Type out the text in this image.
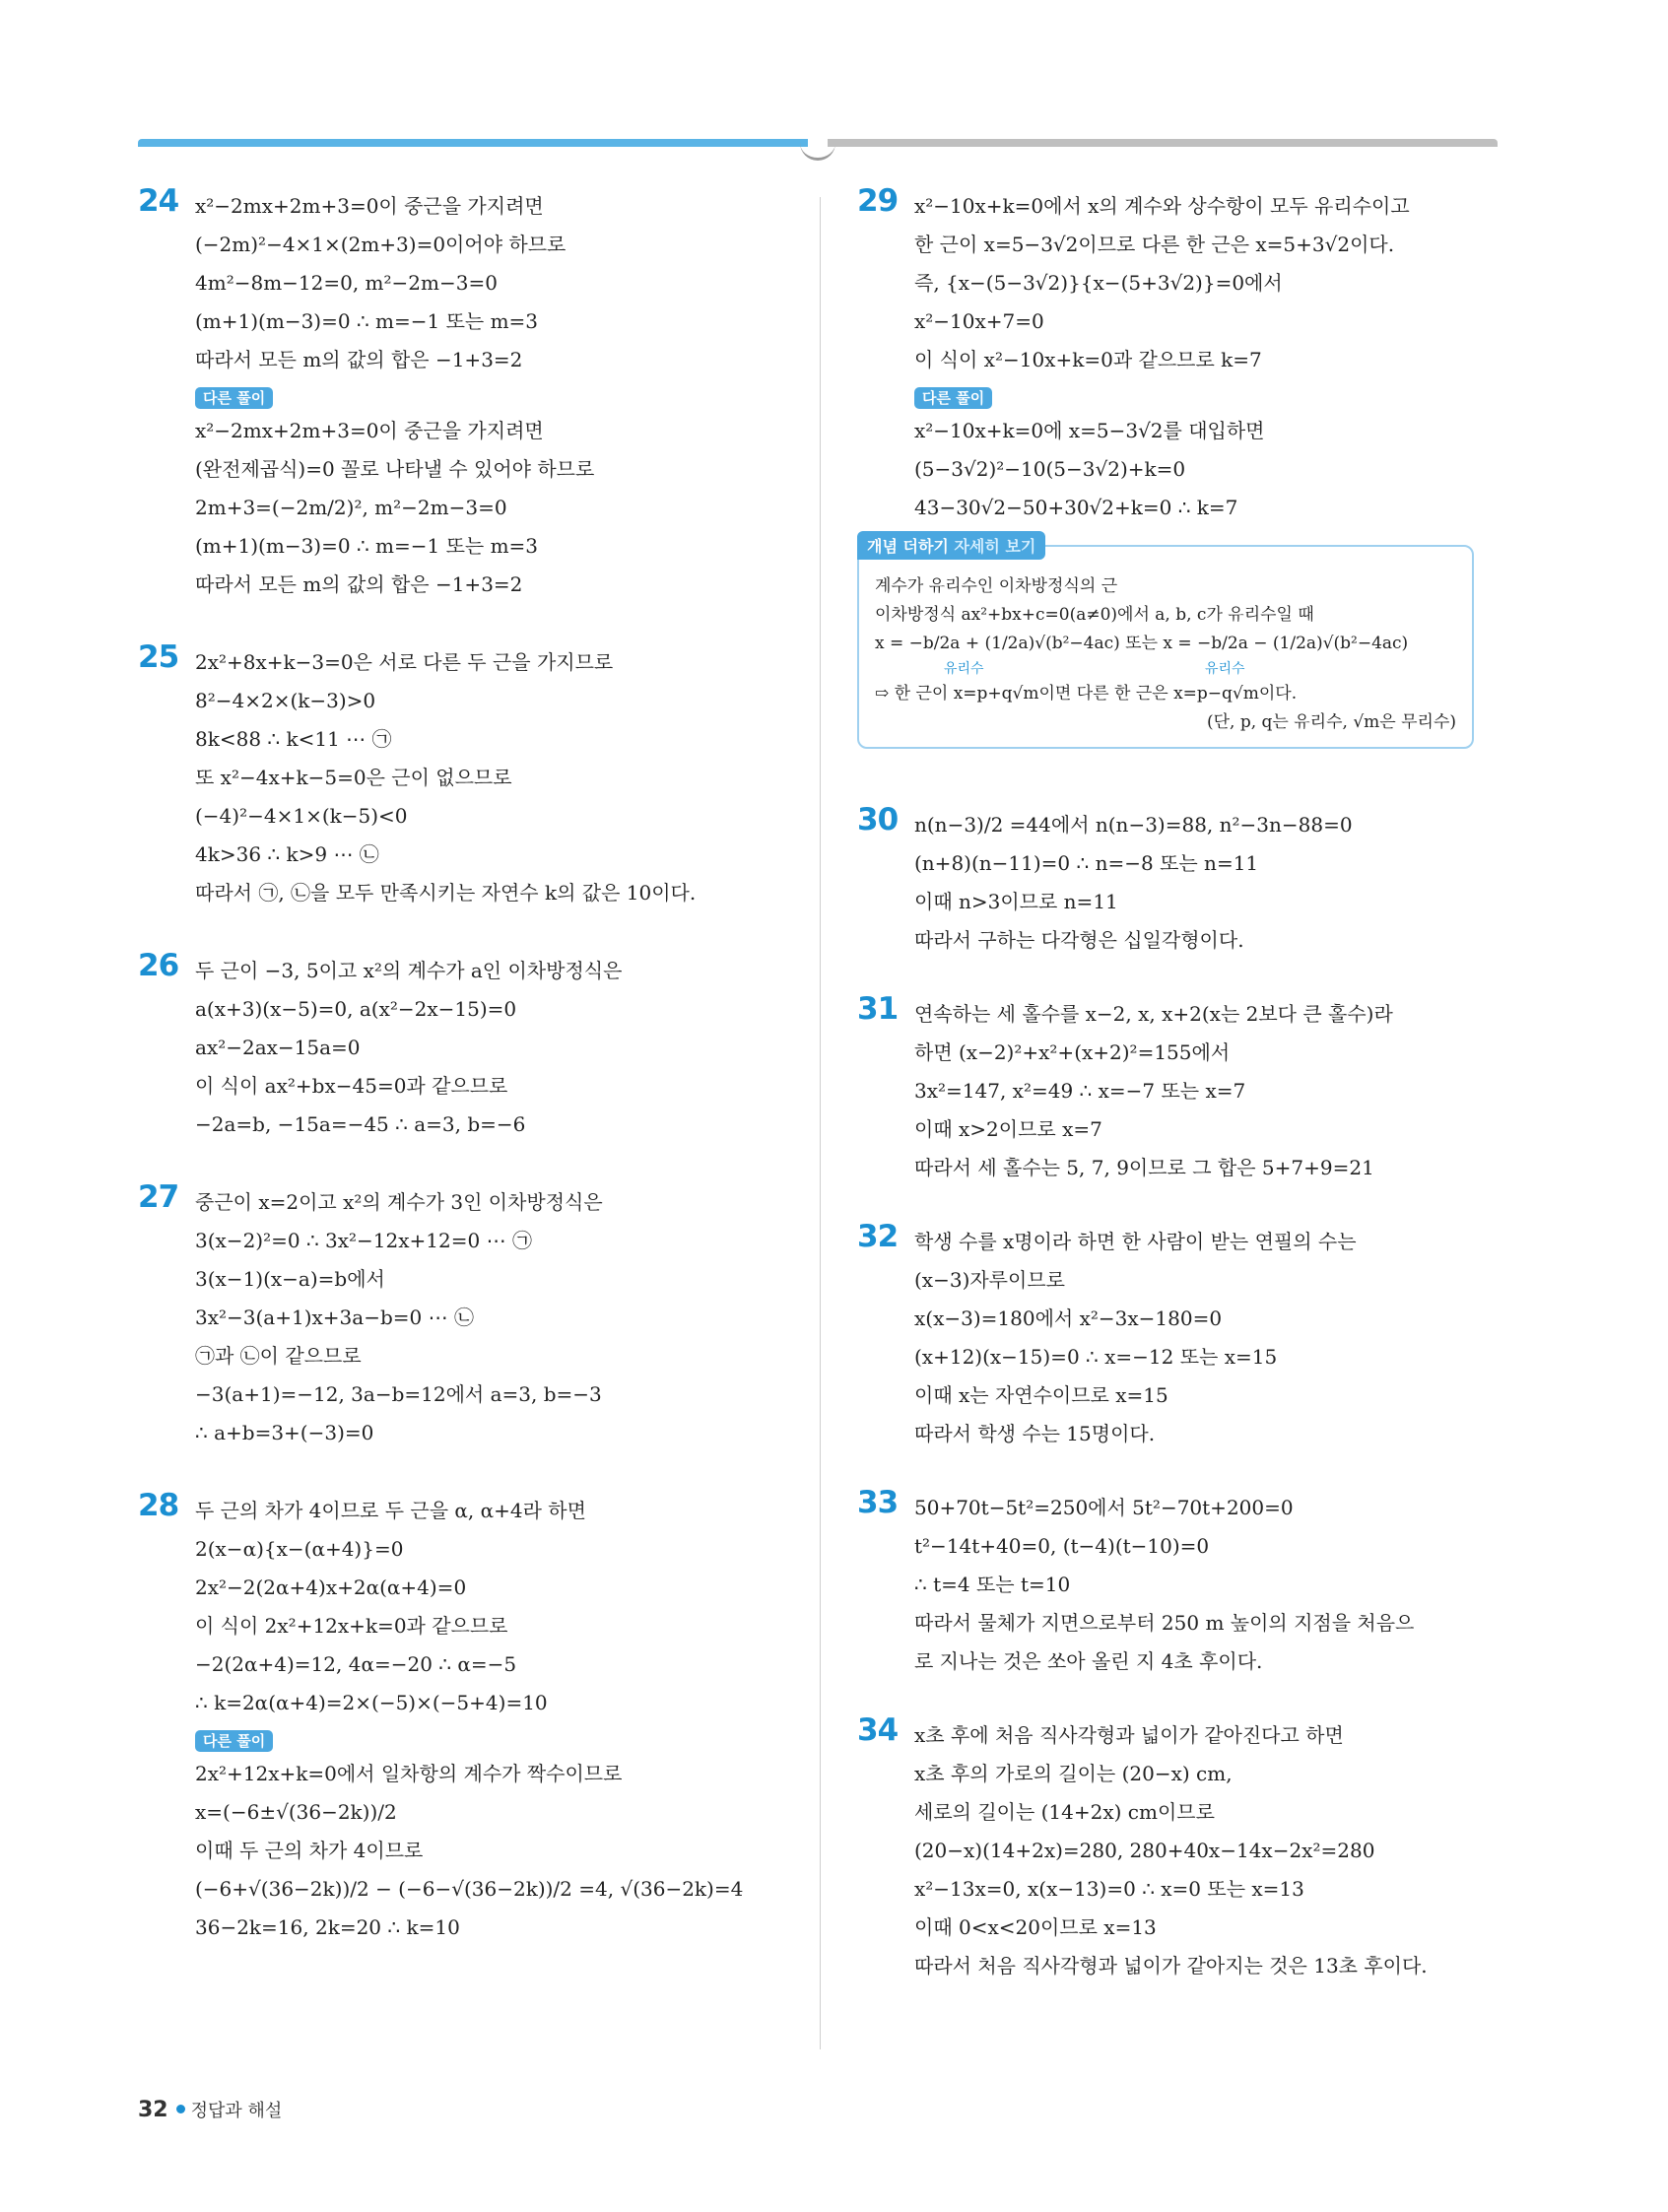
24 x²−2mx+2m+3=0이 중근을 가지려면
(−2m)²−4×1×(2m+3)=0이어야 하므로
4m²−8m−12=0, m²−2m−3=0
(m+1)(m−3)=0 ∴ m=−1 또는 m=3
따라서 모든 m의 값의 합은 −1+3=2
다른 풀이
x²−2mx+2m+3=0이 중근을 가지려면
(완전제곱식)=0 꼴로 나타낼 수 있어야 하므로
2m+3=(−2m/2)², m²−2m−3=0
(m+1)(m−3)=0 ∴ m=−1 또는 m=3
따라서 모든 m의 값의 합은 −1+3=2
25 2x²+8x+k−3=0은 서로 다른 두 근을 가지므로
8²−4×2×(k−3)>0
8k<88 ∴ k<11 ⋯ ㉠
또 x²−4x+k−5=0은 근이 없으므로
(−4)²−4×1×(k−5)<0
4k>36 ∴ k>9 ⋯ ㉡
따라서 ㉠, ㉡을 모두 만족시키는 자연수 k의 값은 10이다.
26 두 근이 −3, 5이고 x²의 계수가 a인 이차방정식은
a(x+3)(x−5)=0, a(x²−2x−15)=0
ax²−2ax−15a=0
이 식이 ax²+bx−45=0과 같으므로
−2a=b, −15a=−45 ∴ a=3, b=−6
27 중근이 x=2이고 x²의 계수가 3인 이차방정식은
3(x−2)²=0 ∴ 3x²−12x+12=0 ⋯ ㉠
3(x−1)(x−a)=b에서
3x²−3(a+1)x+3a−b=0 ⋯ ㉡
㉠과 ㉡이 같으므로
−3(a+1)=−12, 3a−b=12에서 a=3, b=−3
∴ a+b=3+(−3)=0
28 두 근의 차가 4이므로 두 근을 α, α+4라 하면
2(x−α){x−(α+4)}=0
2x²−2(2α+4)x+2α(α+4)=0
이 식이 2x²+12x+k=0과 같으므로
−2(2α+4)=12, 4α=−20 ∴ α=−5
∴ k=2α(α+4)=2×(−5)×(−5+4)=10
다른 풀이
2x²+12x+k=0에서 일차항의 계수가 짝수이므로
x=(−6±√(36−2k))/2
이때 두 근의 차가 4이므로
(−6+√(36−2k))/2 − (−6−√(36−2k))/2 =4, √(36−2k)=4
36−2k=16, 2k=20 ∴ k=10
29 x²−10x+k=0에서 x의 계수와 상수항이 모두 유리수이고
한 근이 x=5−3√2이므로 다른 한 근은 x=5+3√2이다.
즉, {x−(5−3√2)}{x−(5+3√2)}=0에서
x²−10x+7=0
이 식이 x²−10x+k=0과 같으므로 k=7
다른 풀이
x²−10x+k=0에 x=5−3√2를 대입하면
(5−3√2)²−10(5−3√2)+k=0
43−30√2−50+30√2+k=0 ∴ k=7
개념 더하기 자세히 보기
계수가 유리수인 이차방정식의 근
이차방정식 ax²+bx+c=0(a≠0)에서 a, b, c가 유리수일 때
x = −b/2a + (1/2a)√(b²−4ac) 또는 x = −b/2a − (1/2a)√(b²−4ac)
유리수	유리수
⇨ 한 근이 x=p+q√m이면 다른 한 근은 x=p−q√m이다.
(단, p, q는 유리수, √m은 무리수)
30 n(n−3)/2 =44에서 n(n−3)=88, n²−3n−88=0
(n+8)(n−11)=0 ∴ n=−8 또는 n=11
이때 n>3이므로 n=11
따라서 구하는 다각형은 십일각형이다.
31 연속하는 세 홀수를 x−2, x, x+2(x는 2보다 큰 홀수)라
하면 (x−2)²+x²+(x+2)²=155에서
3x²=147, x²=49 ∴ x=−7 또는 x=7
이때 x>2이므로 x=7
따라서 세 홀수는 5, 7, 9이므로 그 합은 5+7+9=21
32 학생 수를 x명이라 하면 한 사람이 받는 연필의 수는
(x−3)자루이므로
x(x−3)=180에서 x²−3x−180=0
(x+12)(x−15)=0 ∴ x=−12 또는 x=15
이때 x는 자연수이므로 x=15
따라서 학생 수는 15명이다.
33 50+70t−5t²=250에서 5t²−70t+200=0
t²−14t+40=0, (t−4)(t−10)=0
∴ t=4 또는 t=10
따라서 물체가 지면으로부터 250 m 높이의 지점을 처음으
로 지나는 것은 쏘아 올린 지 4초 후이다.
34 x초 후에 처음 직사각형과 넓이가 같아진다고 하면
x초 후의 가로의 길이는 (20−x) cm,
세로의 길이는 (14+2x) cm이므로
(20−x)(14+2x)=280, 280+40x−14x−2x²=280
x²−13x=0, x(x−13)=0 ∴ x=0 또는 x=13
이때 0<x<20이므로 x=13
따라서 처음 직사각형과 넓이가 같아지는 것은 13초 후이다.
32 정답과 해설
